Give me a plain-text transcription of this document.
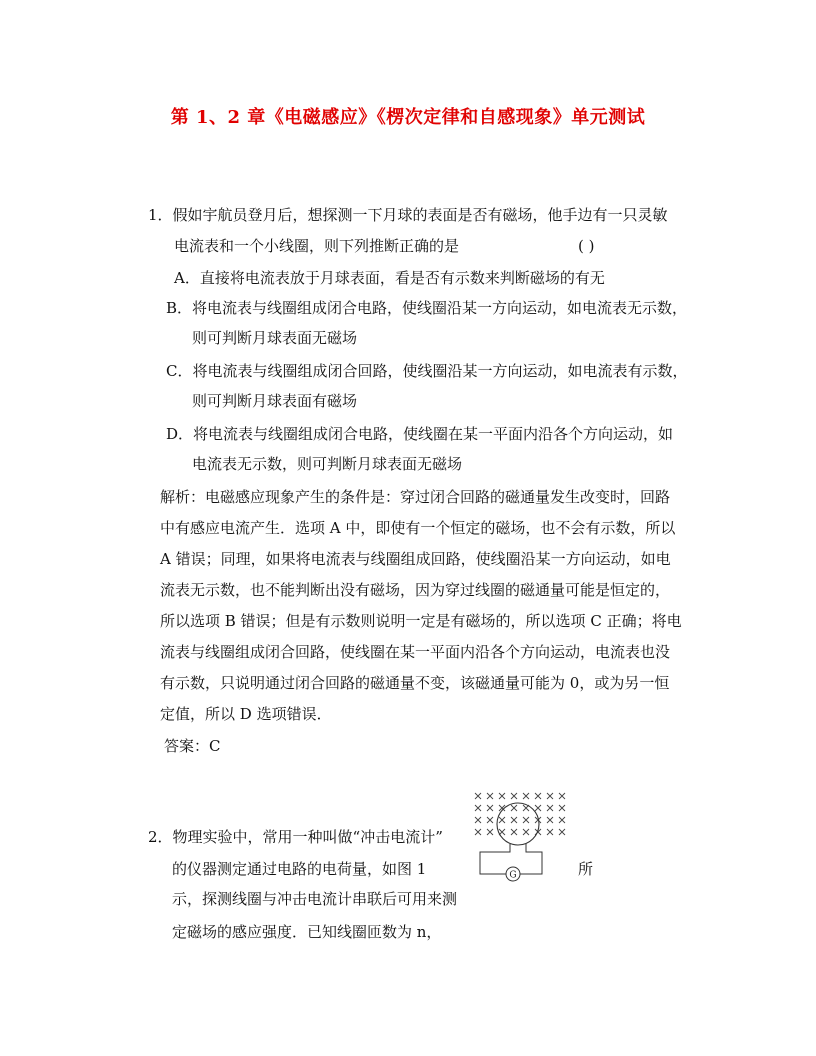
第 1、2 章《电磁感应》《楞次定律和自感现象》单元测试
1．假如宇航员登月后，想探测一下月球的表面是否有磁场，他手边有一只灵敏
电流表和一个小线圈，则下列推断正确的是	( )
A．直接将电流表放于月球表面，看是否有示数来判断磁场的有无
B．将电流表与线圈组成闭合电路，使线圈沿某一方向运动，如电流表无示数，
则可判断月球表面无磁场
C．将电流表与线圈组成闭合回路，使线圈沿某一方向运动，如电流表有示数，
则可判断月球表面有磁场
D．将电流表与线圈组成闭合电路，使线圈在某一平面内沿各个方向运动，如
电流表无示数，则可判断月球表面无磁场
解析：电磁感应现象产生的条件是：穿过闭合回路的磁通量发生改变时，回路
中有感应电流产生．选项 A 中，即使有一个恒定的磁场，也不会有示数，所以
A 错误；同理，如果将电流表与线圈组成回路，使线圈沿某一方向运动，如电
流表无示数，也不能判断出没有磁场，因为穿过线圈的磁通量可能是恒定的，
所以选项 B 错误；但是有示数则说明一定是有磁场的，所以选项 C 正确；将电
流表与线圈组成闭合回路，使线圈在某一平面内沿各个方向运动，电流表也没
有示数，只说明通过闭合回路的磁通量不变，该磁通量可能为 0，或为另一恒
定值，所以 D 选项错误．
答案：C
2．物理实验中，常用一种叫做“冲击电流计”
的仪器测定通过电路的电荷量，如图 1	所
示，探测线圈与冲击电流计串联后可用来测
定磁场的感应强度．已知线圈匝数为 n，
G
